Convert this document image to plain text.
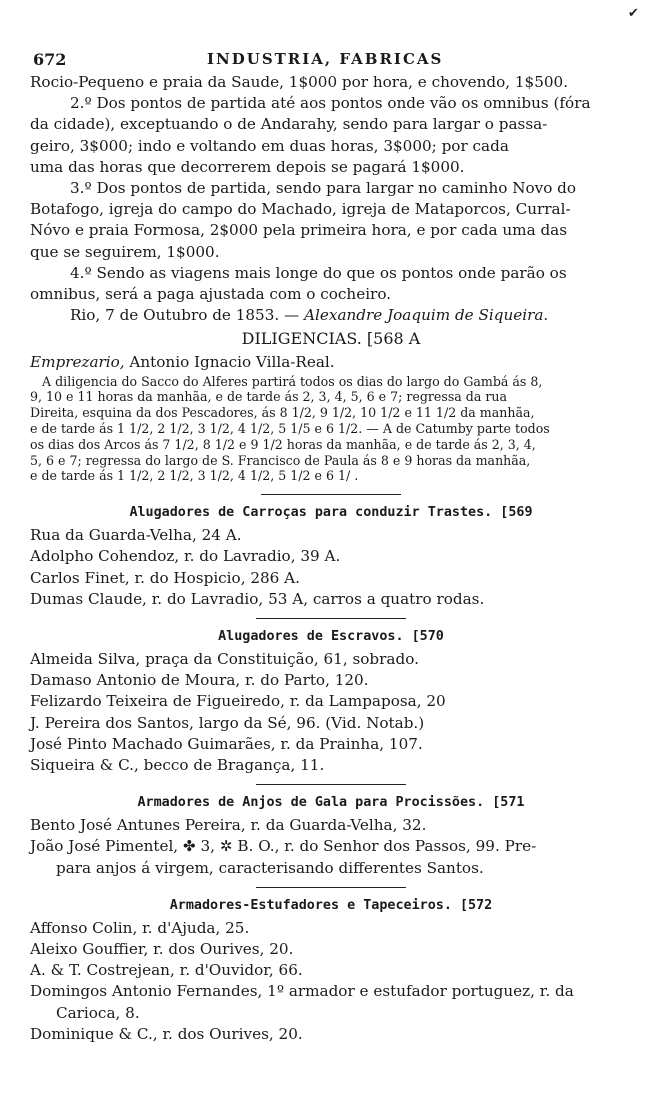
✔
672	INDUSTRIA, FABRICAS
Rocio-Pequeno e praia da Saude, 1$000 por hora, e chovendo, 1$500.
2.º Dos pontos de partida até aos pontos onde vão os omnibus (fóra
da cidade), exceptuando o de Andarahy, sendo para largar o passa-
geiro, 3$000; indo e voltando em duas horas, 3$000; por cada
uma das horas que decorrerem depois se pagará 1$000.
3.º Dos pontos de partida, sendo para largar no caminho Novo do
Botafogo, igreja do campo do Machado, igreja de Mataporcos, Curral-
Nóvo e praia Formosa, 2$000 pela primeira hora, e por cada uma das
que se seguirem, 1$000.
4.º Sendo as viagens mais longe do que os pontos onde parão os
omnibus, será a paga ajustada com o cocheiro.
Rio, 7 de Outubro de 1853. — Alexandre Joaquim de Siqueira.
DILIGENCIAS. [568 A
Emprezario, Antonio Ignacio Villa-Real.
A diligencia do Sacco do Alferes partirá todos os dias do largo do Gambá ás 8,
9, 10 e 11 horas da manhãa, e de tarde ás 2, 3, 4, 5, 6 e 7; regressa da rua
Direita, esquina da dos Pescadores, ás 8 1/2, 9 1/2, 10 1/2 e 11 1/2 da manhãa,
e de tarde ás 1 1/2, 2 1/2, 3 1/2, 4 1/2, 5 1/5 e 6 1/2. — A de Catumby parte todos
os dias dos Arcos ás 7 1/2, 8 1/2 e 9 1/2 horas da manhãa, e de tarde ás 2, 3, 4,
5, 6 e 7; regressa do largo de S. Francisco de Paula ás 8 e 9 horas da manhãa,
e de tarde ás 1 1/2, 2 1/2, 3 1/2, 4 1/2, 5 1/2 e 6 1/ .
Alugadores de Carroças para conduzir Trastes. [569
Rua da Guarda-Velha, 24 A.
Adolpho Cohendoz, r. do Lavradio, 39 A.
Carlos Finet, r. do Hospicio, 286 A.
Dumas Claude, r. do Lavradio, 53 A, carros a quatro rodas.
Alugadores de Escravos. [570
Almeida Silva, praça da Constituição, 61, sobrado.
Damaso Antonio de Moura, r. do Parto, 120.
Felizardo Teixeira de Figueiredo, r. da Lampaposa, 20
J. Pereira dos Santos, largo da Sé, 96. (Vid. Notab.)
José Pinto Machado Guimarães, r. da Prainha, 107.
Siqueira & C., becco de Bragança, 11.
Armadores de Anjos de Gala para Procissões. [571
Bento José Antunes Pereira, r. da Guarda-Velha, 32.
João José Pimentel, ✤ 3, ✲ B. O., r. do Senhor dos Passos, 99. Pre-
para anjos á virgem, caracterisando differentes Santos.
Armadores-Estufadores e Tapeceiros. [572
Affonso Colin, r. d'Ajuda, 25.
Aleixo Gouffier, r. dos Ourives, 20.
A. & T. Costrejean, r. d'Ouvidor, 66.
Domingos Antonio Fernandes, 1º armador e estufador portuguez, r. da
Carioca, 8.
Dominique & C., r. dos Ourives, 20.
